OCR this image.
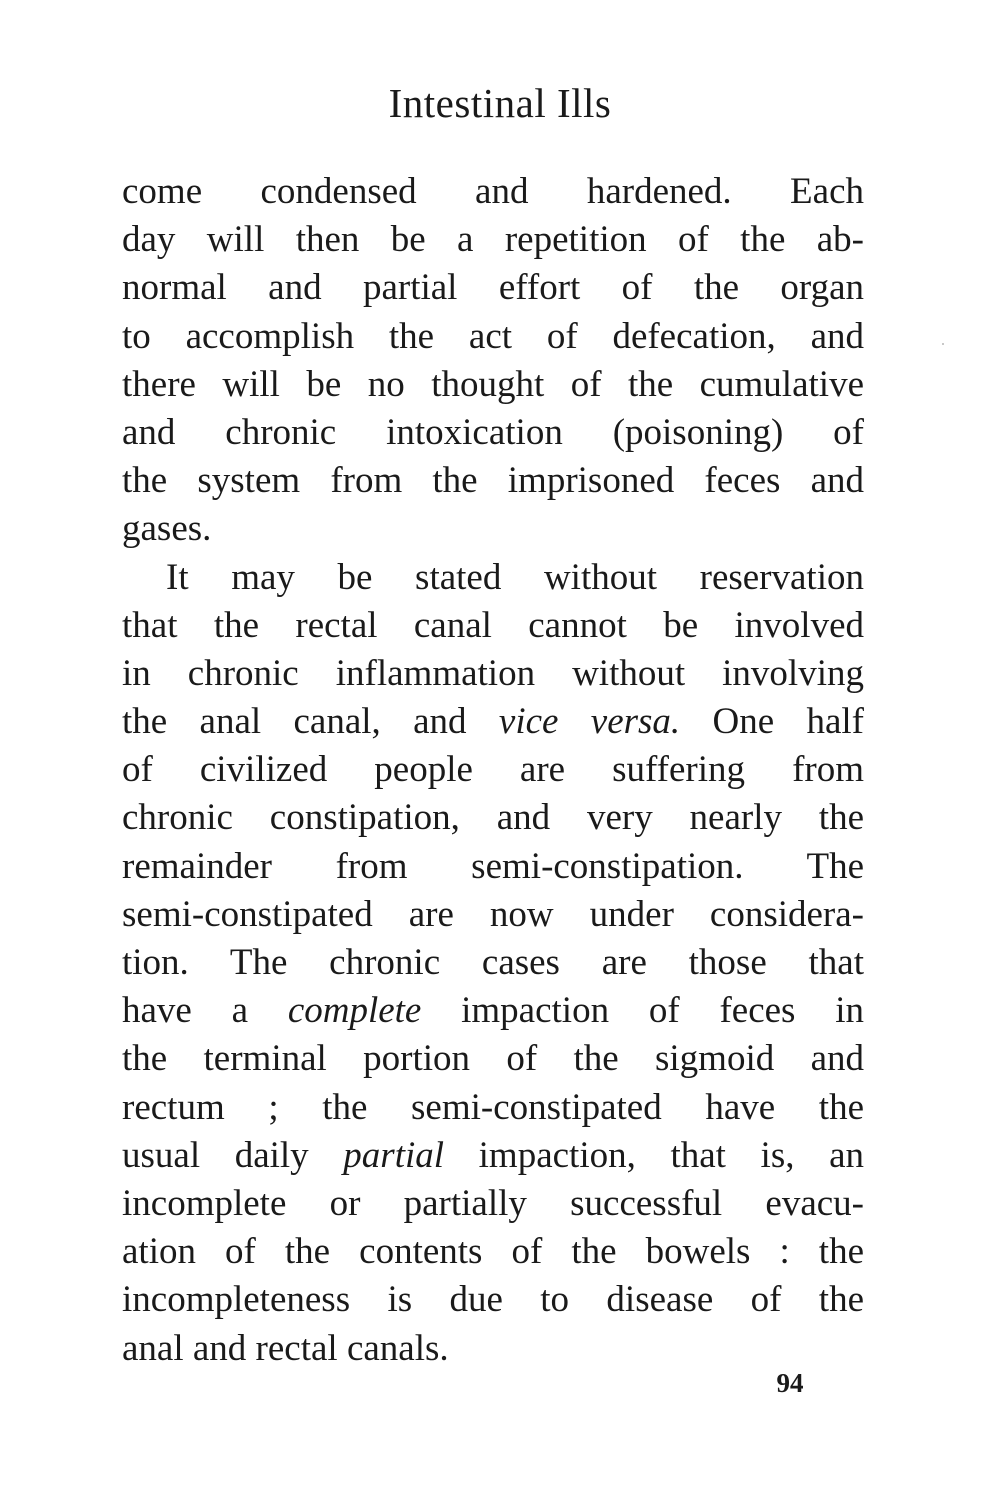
Intestinal Ills
come condensed and hardened. Each
day will then be a repetition of the ab-
normal and partial effort of the organ
to accomplish the act of defecation, and
there will be no thought of the cumulative
and chronic intoxication (poisoning) of
the system from the imprisoned feces and
gases.
It may be stated without reservation
that the rectal canal cannot be involved
in chronic inflammation without involving
the anal canal, and vice versa. One half
of civilized people are suffering from
chronic constipation, and very nearly the
remainder from semi-constipation. The
semi-constipated are now under considera-
tion. The chronic cases are those that
have a complete impaction of feces in
the terminal portion of the sigmoid and
rectum ; the semi-constipated have the
usual daily partial impaction, that is, an
incomplete or partially successful evacu-
ation of the contents of the bowels : the
incompleteness is due to disease of the
anal and rectal canals.
94
